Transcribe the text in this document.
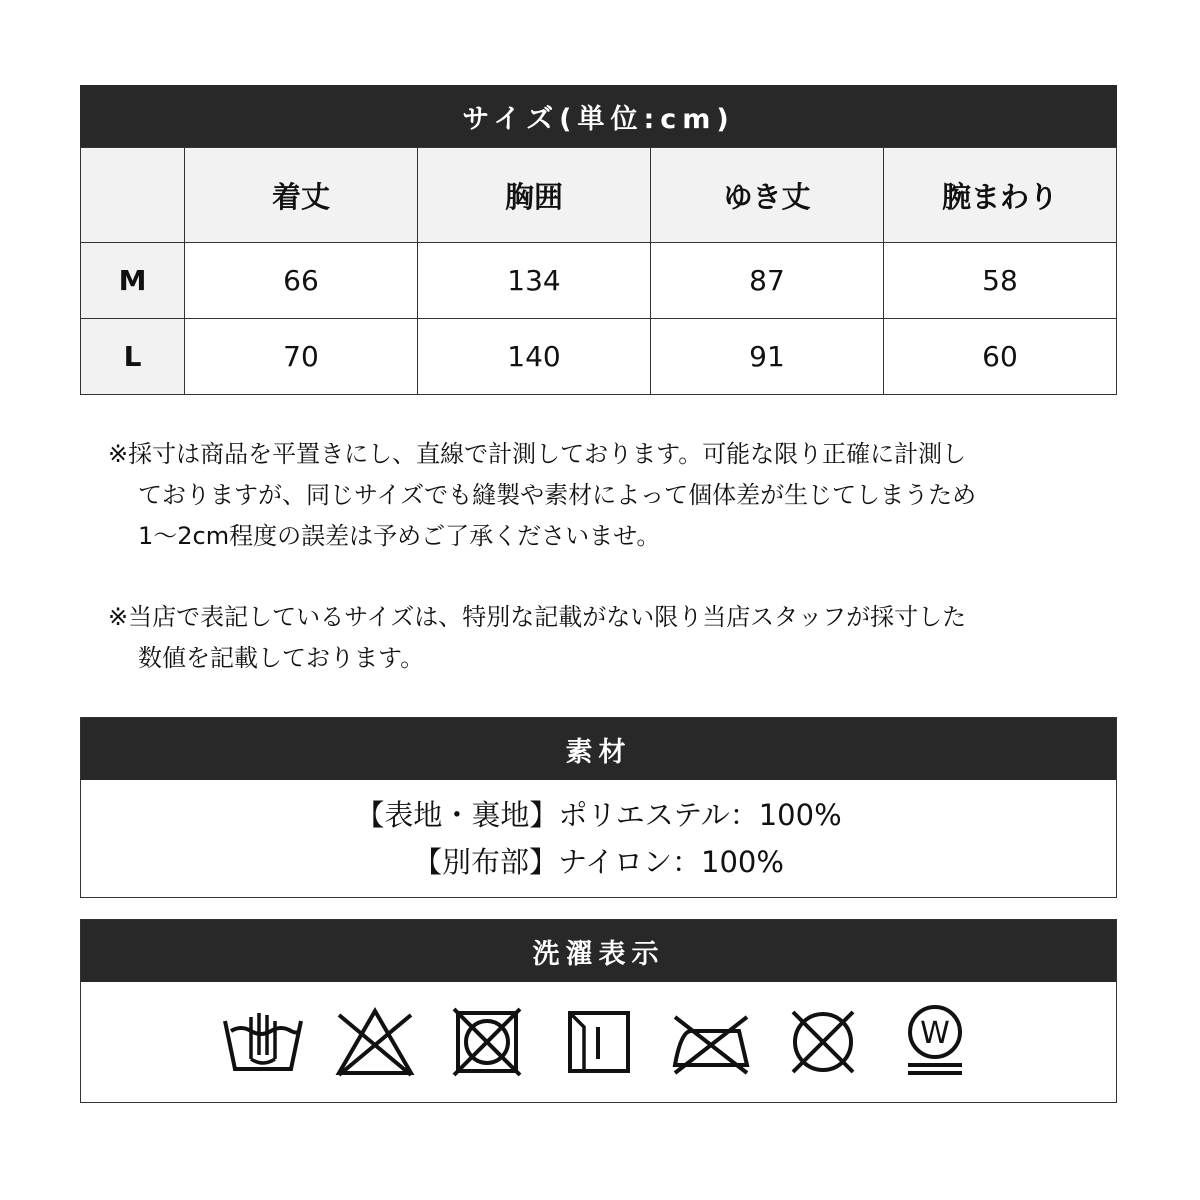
サイズ(単位:cm)
	着丈	胸囲	ゆき丈	腕まわり
M	66	134	87	58
L	70	140	91	60
※採寸は商品を平置きにし、直線で計測しております。可能な限り正確に計測し
ておりますが、同じサイズでも縫製や素材によって個体差が生じてしまうため
1〜2cm程度の誤差は予めご了承くださいませ。
※当店で表記しているサイズは、特別な記載がない限り当店スタッフが採寸した
数値を記載しております。
素材
【表地・裏地】ポリエステル：100%
【別布部】ナイロン：100%
洗濯表示
W
